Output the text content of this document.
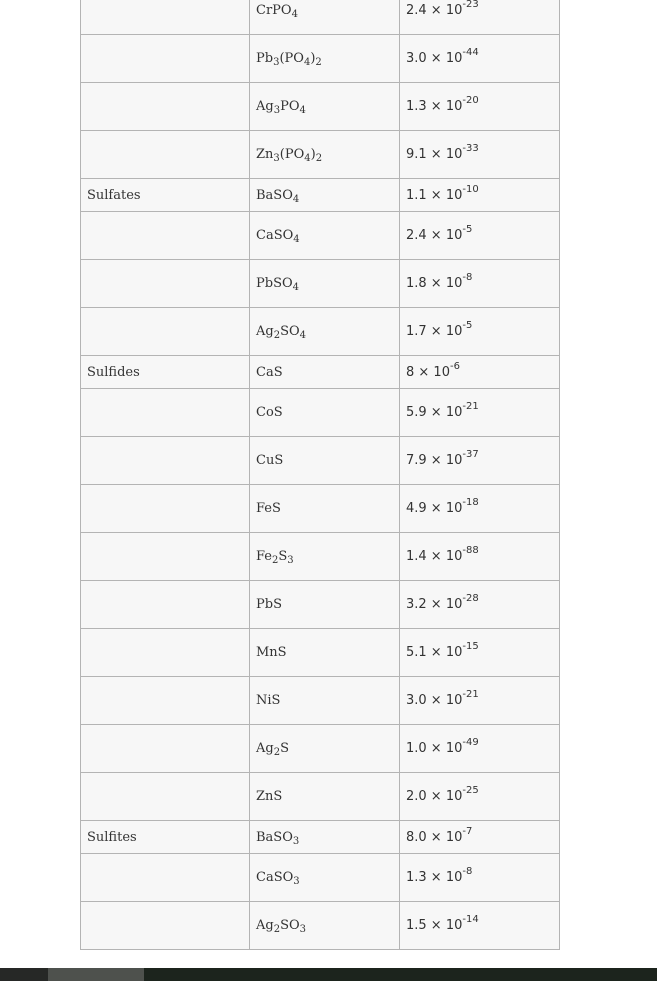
	CrPO$_4$	$2.4 \times 10^{-23}$
	$Pb_3(PO_4)_2$	$3.0 \times 10^{-44}$
	$Ag_3PO_4$	$1.3 \times 10^{-20}$
	$Zn_3(PO_4)_2$	$9.1 \times 10^{-33}$
Sulfates	BaSO$_4$	$1.1 \times 10^{-10}$
	CaSO$_4$	$2.4 \times 10^{-5}$
	PbSO$_4$	$1.8 \times 10^{-8}$
	$Ag_2SO_4$	$1.7 \times 10^{-5}$
Sulfides	CaS	$8 \times 10^{-6}$
	CoS	$5.9 \times 10^{-21}$
	CuS	$7.9 \times 10^{-37}$
	FeS	$4.9 \times 10^{-18}$
	$Fe_2S_3$	$1.4 \times 10^{-88}$
	PbS	$3.2 \times 10^{-28}$
	MnS	$5.1 \times 10^{-15}$
	NiS	$3.0 \times 10^{-21}$
	$Ag_2S$	$1.0 \times 10^{-49}$
	ZnS	$2.0 \times 10^{-25}$
Sulfites	BaSO$_3$	$8.0 \times 10^{-7}$
	CaSO$_3$	$1.3 \times 10^{-8}$
	$Ag_2SO_3$	$1.5 \times 10^{-14}$
